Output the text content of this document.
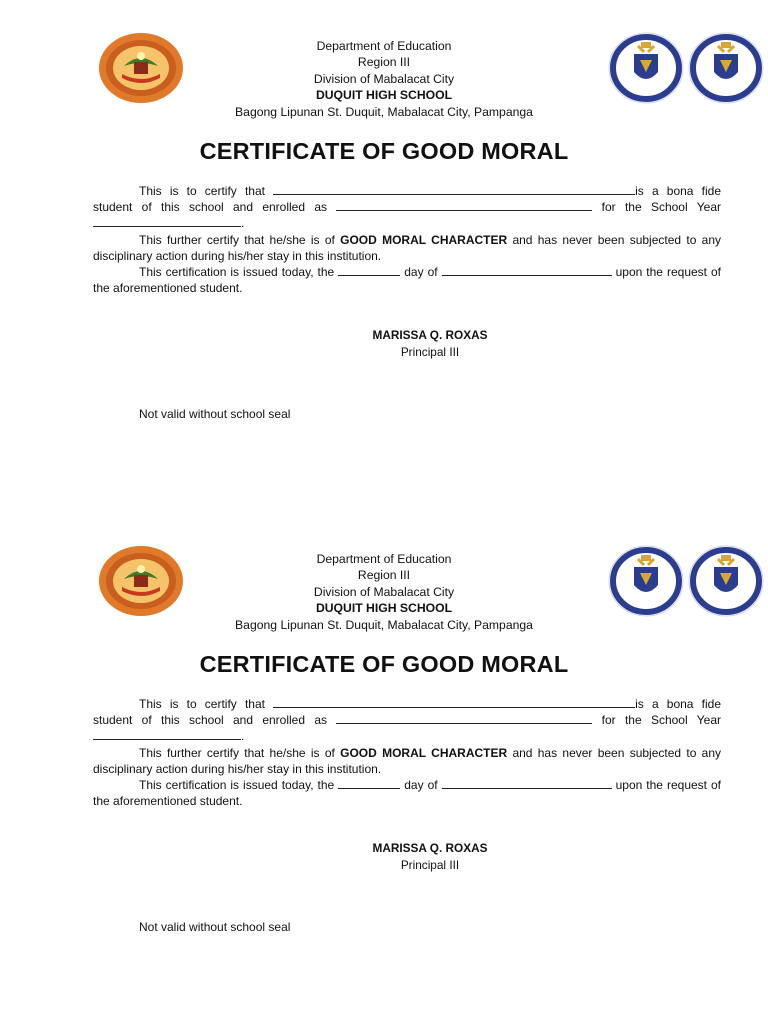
Department of Education
Region III
Division of Mabalacat City
DUQUIT HIGH SCHOOL
Bagong Lipunan St. Duquit, Mabalacat City, Pampanga
CERTIFICATE OF GOOD MORAL

This is to certify that	is a bona fide student of this school and enrolled as	for the School Year.

This further certify that he/she is of GOOD MORAL CHARACTER and has never been subjected to any disciplinary action during his/her stay in this institution.

This certification is issued today, the	day of	upon the request of the aforementioned student.

MARISSA Q. ROXAS
Principal III
Not valid without school seal
Department of Education
Region III
Division of Mabalacat City
DUQUIT HIGH SCHOOL
Bagong Lipunan St. Duquit, Mabalacat City, Pampanga
CERTIFICATE OF GOOD MORAL

This is to certify that	is a bona fide student of this school and enrolled as	for the School Year.

This further certify that he/she is of GOOD MORAL CHARACTER and has never been subjected to any disciplinary action during his/her stay in this institution.

This certification is issued today, the	day of	upon the request of the aforementioned student.

MARISSA Q. ROXAS
Principal III
Not valid without school seal
